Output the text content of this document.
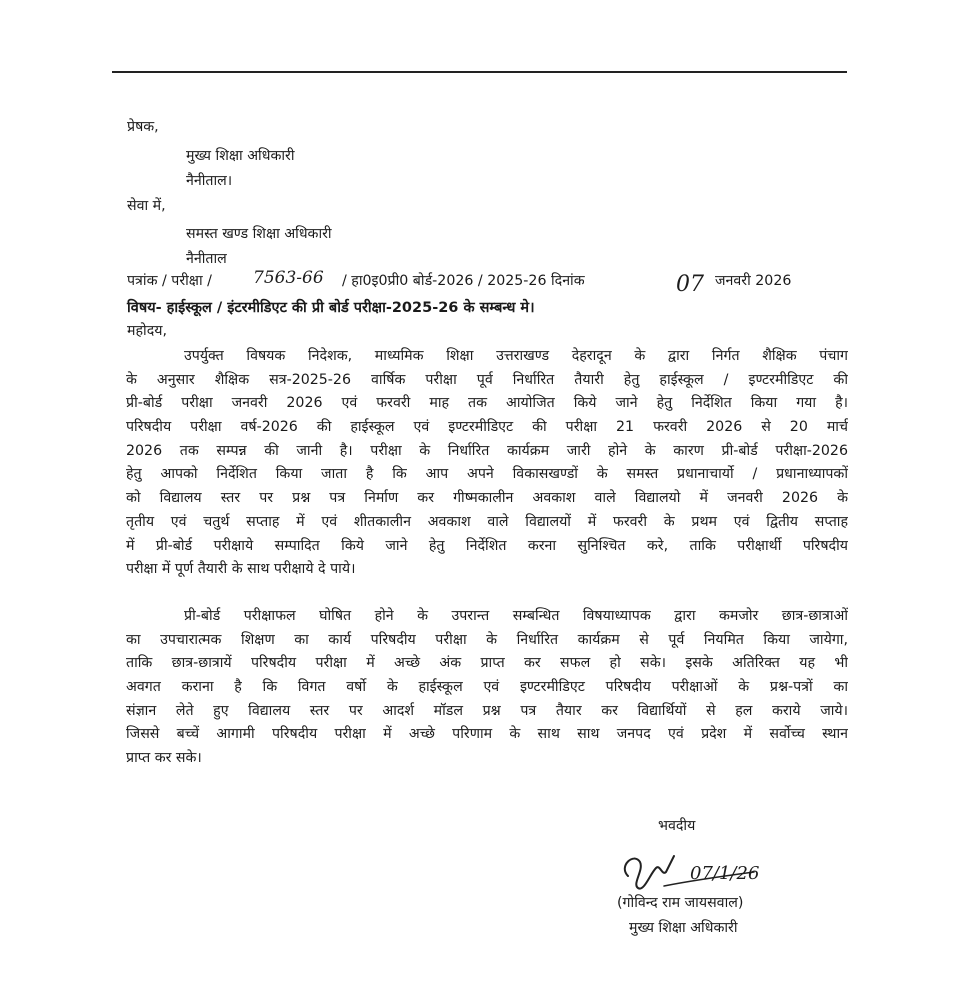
प्रेषक,
मुख्य शिक्षा अधिकारी
नैनीताल।
सेवा में,
समस्त खण्ड शिक्षा अधिकारी
नैनीताल
पत्रांक / परीक्षा / 7563-66 / हा0इ0प्री0 बोर्ड-2026 / 2025-26 दिनांक	07 जनवरी 2026
विषय- हाईस्कूल / इंटरमीडिएट की प्री बोर्ड परीक्षा-2025-26 के सम्बन्ध मे।
महोदय,
उपर्युक्त विषयक निदेशक, माध्यमिक शिक्षा उत्तराखण्ड देहरादून के द्वारा निर्गत शैक्षिक पंचाग
के अनुसार शैक्षिक सत्र-2025-26 वार्षिक परीक्षा पूर्व निर्धारित तैयारी हेतु हाईस्कूल / इण्टरमीडिएट की
प्री-बोर्ड परीक्षा जनवरी 2026 एवं फरवरी माह तक आयोजित किये जाने हेतु निर्देशित किया गया है।
परिषदीय परीक्षा वर्ष-2026 की हाईस्कूल एवं इण्टरमीडिएट की परीक्षा 21 फरवरी 2026 से 20 मार्च
2026 तक सम्पन्न की जानी है। परीक्षा के निर्धारित कार्यक्रम जारी होने के कारण प्री-बोर्ड परीक्षा-2026
हेतु आपको निर्देशित किया जाता है कि आप अपने विकासखण्डों के समस्त प्रधानाचार्यो / प्रधानाध्यापकों
को विद्यालय स्तर पर प्रश्न पत्र निर्माण कर गीष्मकालीन अवकाश वाले विद्यालयो में जनवरी 2026 के
तृतीय एवं चतुर्थ सप्ताह में एवं शीतकालीन अवकाश वाले विद्यालयों में फरवरी के प्रथम एवं द्वितीय सप्ताह
में प्री-बोर्ड परीक्षाये सम्पादित किये जाने हेतु निर्देशित करना सुनिश्चित करे, ताकि परीक्षार्थी परिषदीय
परीक्षा में पूर्ण तैयारी के साथ परीक्षाये दे पाये।
प्री-बोर्ड परीक्षाफल घोषित होने के उपरान्त सम्बन्धित विषयाध्यापक द्वारा कमजोर छात्र-छात्राओं
का उपचारात्मक शिक्षण का कार्य परिषदीय परीक्षा के निर्धारित कार्यक्रम से पूर्व नियमित किया जायेगा,
ताकि छात्र-छात्रायें परिषदीय परीक्षा में अच्छे अंक प्राप्त कर सफल हो सके। इसके अतिरिक्त यह भी
अवगत कराना है कि विगत वर्षो के हाईस्कूल एवं इण्टरमीडिएट परिषदीय परीक्षाओं के प्रश्न-पत्रों का
संज्ञान लेते हुए विद्यालय स्तर पर आदर्श मॉडल प्रश्न पत्र तैयार कर विद्यार्थियों से हल कराये जाये।
जिससे बच्चें आगामी परिषदीय परीक्षा में अच्छे परिणाम के साथ साथ जनपद एवं प्रदेश में सर्वोच्च स्थान
प्राप्त कर सके।
भवदीय
07/1/26
(गोविन्द राम जायसवाल)
मुख्य शिक्षा अधिकारी
